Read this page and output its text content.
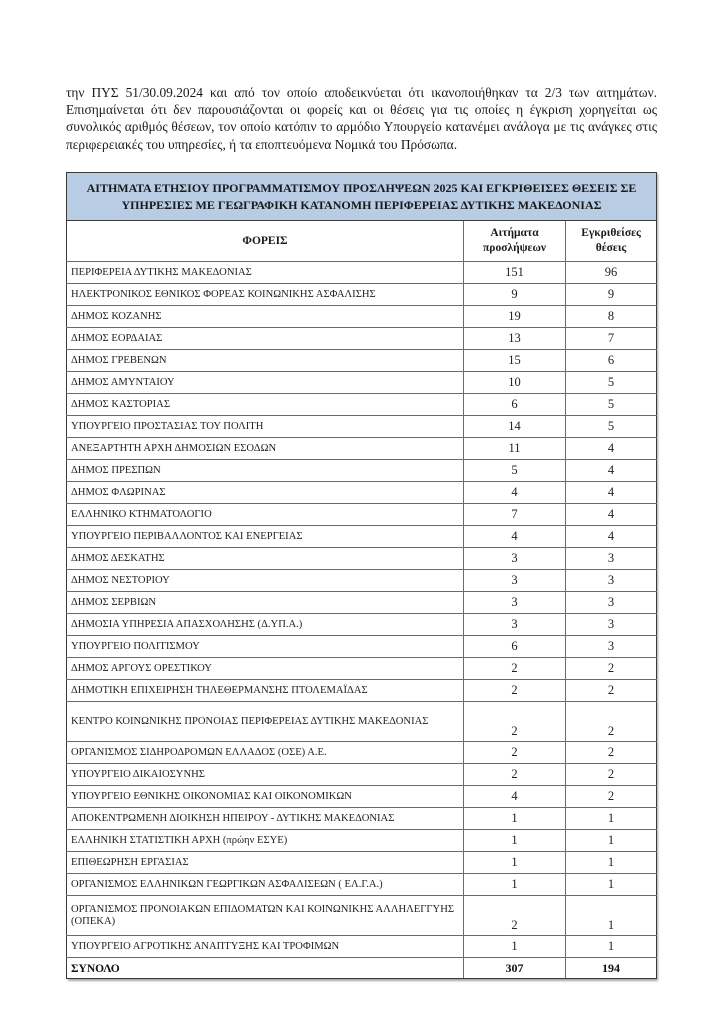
την ΠΥΣ 51/30.09.2024 και από τον οποίο αποδεικνύεται ότι ικανοποιήθηκαν τα 2/3 των αιτημάτων. Επισημαίνεται ότι δεν παρουσιάζονται οι φορείς και οι θέσεις για τις οποίες η έγκριση χορηγείται ως συνολικός αριθμός θέσεων, τον οποίο κατόπιν το αρμόδιο Υπουργείο κατανέμει ανάλογα με τις ανάγκες στις περιφερειακές του υπηρεσίες, ή τα εποπτευόμενα Νομικά του Πρόσωπα.

ΑΙΤΗΜΑΤΑ ΕΤΗΣΙΟΥ ΠΡΟΓΡΑΜΜΑΤΙΣΜΟΥ ΠΡΟΣΛΗΨΕΩΝ 2025 ΚΑΙ ΕΓΚΡΙΘΕΙΣΕΣ ΘΕΣΕΙΣ ΣΕ ΥΠΗΡΕΣΙΕΣ ΜΕ ΓΕΩΓΡΑΦΙΚΗ ΚΑΤΑΝΟΜΗ ΠΕΡΙΦΕΡΕΙΑΣ ΔΥΤΙΚΗΣ ΜΑΚΕΔΟΝΙΑΣ		
ΦΟΡΕΙΣ	Αιτήματα προσλήψεων	Εγκριθείσες θέσεις
ΠΕΡΙΦΕΡΕΙΑ ΔΥΤΙΚΗΣ ΜΑΚΕΔΟΝΙΑΣ	151	96
ΗΛΕΚΤΡΟΝΙΚΟΣ ΕΘΝΙΚΟΣ ΦΟΡΕΑΣ ΚΟΙΝΩΝΙΚΗΣ ΑΣΦΑΛΙΣΗΣ	9	9
ΔΗΜΟΣ ΚΟΖΑΝΗΣ	19	8
ΔΗΜΟΣ ΕΟΡΔΑΙΑΣ	13	7
ΔΗΜΟΣ ΓΡΕΒΕΝΩΝ	15	6
ΔΗΜΟΣ ΑΜΥΝΤΑΙΟΥ	10	5
ΔΗΜΟΣ ΚΑΣΤΟΡΙΑΣ	6	5
ΥΠΟΥΡΓΕΙΟ ΠΡΟΣΤΑΣΙΑΣ ΤΟΥ ΠΟΛΙΤΗ	14	5
ΑΝΕΞΑΡΤΗΤΗ ΑΡΧΗ ΔΗΜΟΣΙΩΝ ΕΣΟΔΩΝ	11	4
ΔΗΜΟΣ ΠΡΕΣΠΩΝ	5	4
ΔΗΜΟΣ ΦΛΩΡΙΝΑΣ	4	4
ΕΛΛΗΝΙΚΟ ΚΤΗΜΑΤΟΛΟΓΙΟ	7	4
ΥΠΟΥΡΓΕΙΟ ΠΕΡΙΒΑΛΛΟΝΤΟΣ ΚΑΙ ΕΝΕΡΓΕΙΑΣ	4	4
ΔΗΜΟΣ ΔΕΣΚΑΤΗΣ	3	3
ΔΗΜΟΣ ΝΕΣΤΟΡΙΟΥ	3	3
ΔΗΜΟΣ ΣΕΡΒΙΩΝ	3	3
ΔΗΜΟΣΙΑ ΥΠΗΡΕΣΙΑ ΑΠΑΣΧΟΛΗΣΗΣ (Δ.ΥΠ.Α.)	3	3
ΥΠΟΥΡΓΕΙΟ ΠΟΛΙΤΙΣΜΟΥ	6	3
ΔΗΜΟΣ ΑΡΓΟΥΣ ΟΡΕΣΤΙΚΟΥ	2	2
ΔΗΜΟΤΙΚΗ ΕΠΙΧΕΙΡΗΣΗ ΤΗΛΕΘΕΡΜΑΝΣΗΣ ΠΤΟΛΕΜΑΪΔΑΣ	2	2
ΚΕΝΤΡΟ ΚΟΙΝΩΝΙΚΗΣ ΠΡΟΝΟΙΑΣ ΠΕΡΙΦΕΡΕΙΑΣ ΔΥΤΙΚΗΣ ΜΑΚΕΔΟΝΙΑΣ	2	2
ΟΡΓΑΝΙΣΜΟΣ ΣΙΔΗΡΟΔΡΟΜΩΝ ΕΛΛΑΔΟΣ (ΟΣΕ) Α.Ε.	2	2
ΥΠΟΥΡΓΕΙΟ ΔΙΚΑΙΟΣΥΝΗΣ	2	2
ΥΠΟΥΡΓΕΙΟ ΕΘΝΙΚΗΣ ΟΙΚΟΝΟΜΙΑΣ ΚΑΙ ΟΙΚΟΝΟΜΙΚΩΝ	4	2
ΑΠΟΚΕΝΤΡΩΜΕΝΗ ΔΙΟΙΚΗΣΗ ΗΠΕΙΡΟΥ - ΔΥΤΙΚΗΣ ΜΑΚΕΔΟΝΙΑΣ	1	1
ΕΛΛΗΝΙΚΗ ΣΤΑΤΙΣΤΙΚΗ ΑΡΧΗ (πρώην ΕΣΥΕ)	1	1
ΕΠΙΘΕΩΡΗΣΗ ΕΡΓΑΣΙΑΣ	1	1
ΟΡΓΑΝΙΣΜΟΣ ΕΛΛΗΝΙΚΩΝ ΓΕΩΡΓΙΚΩΝ ΑΣΦΑΛΙΣΕΩΝ ( ΕΛ.Γ.Α.)	1	1
ΟΡΓΑΝΙΣΜΟΣ ΠΡΟΝΟΙΑΚΩΝ ΕΠΙΔΟΜΑΤΩΝ ΚΑΙ ΚΟΙΝΩΝΙΚΗΣ ΑΛΛΗΛΕΓΓΥΗΣ (ΟΠΕΚΑ)	2	1
ΥΠΟΥΡΓΕΙΟ ΑΓΡΟΤΙΚΗΣ ΑΝΑΠΤΥΞΗΣ ΚΑΙ ΤΡΟΦΙΜΩΝ	1	1
ΣΥΝΟΛΟ	307	194
